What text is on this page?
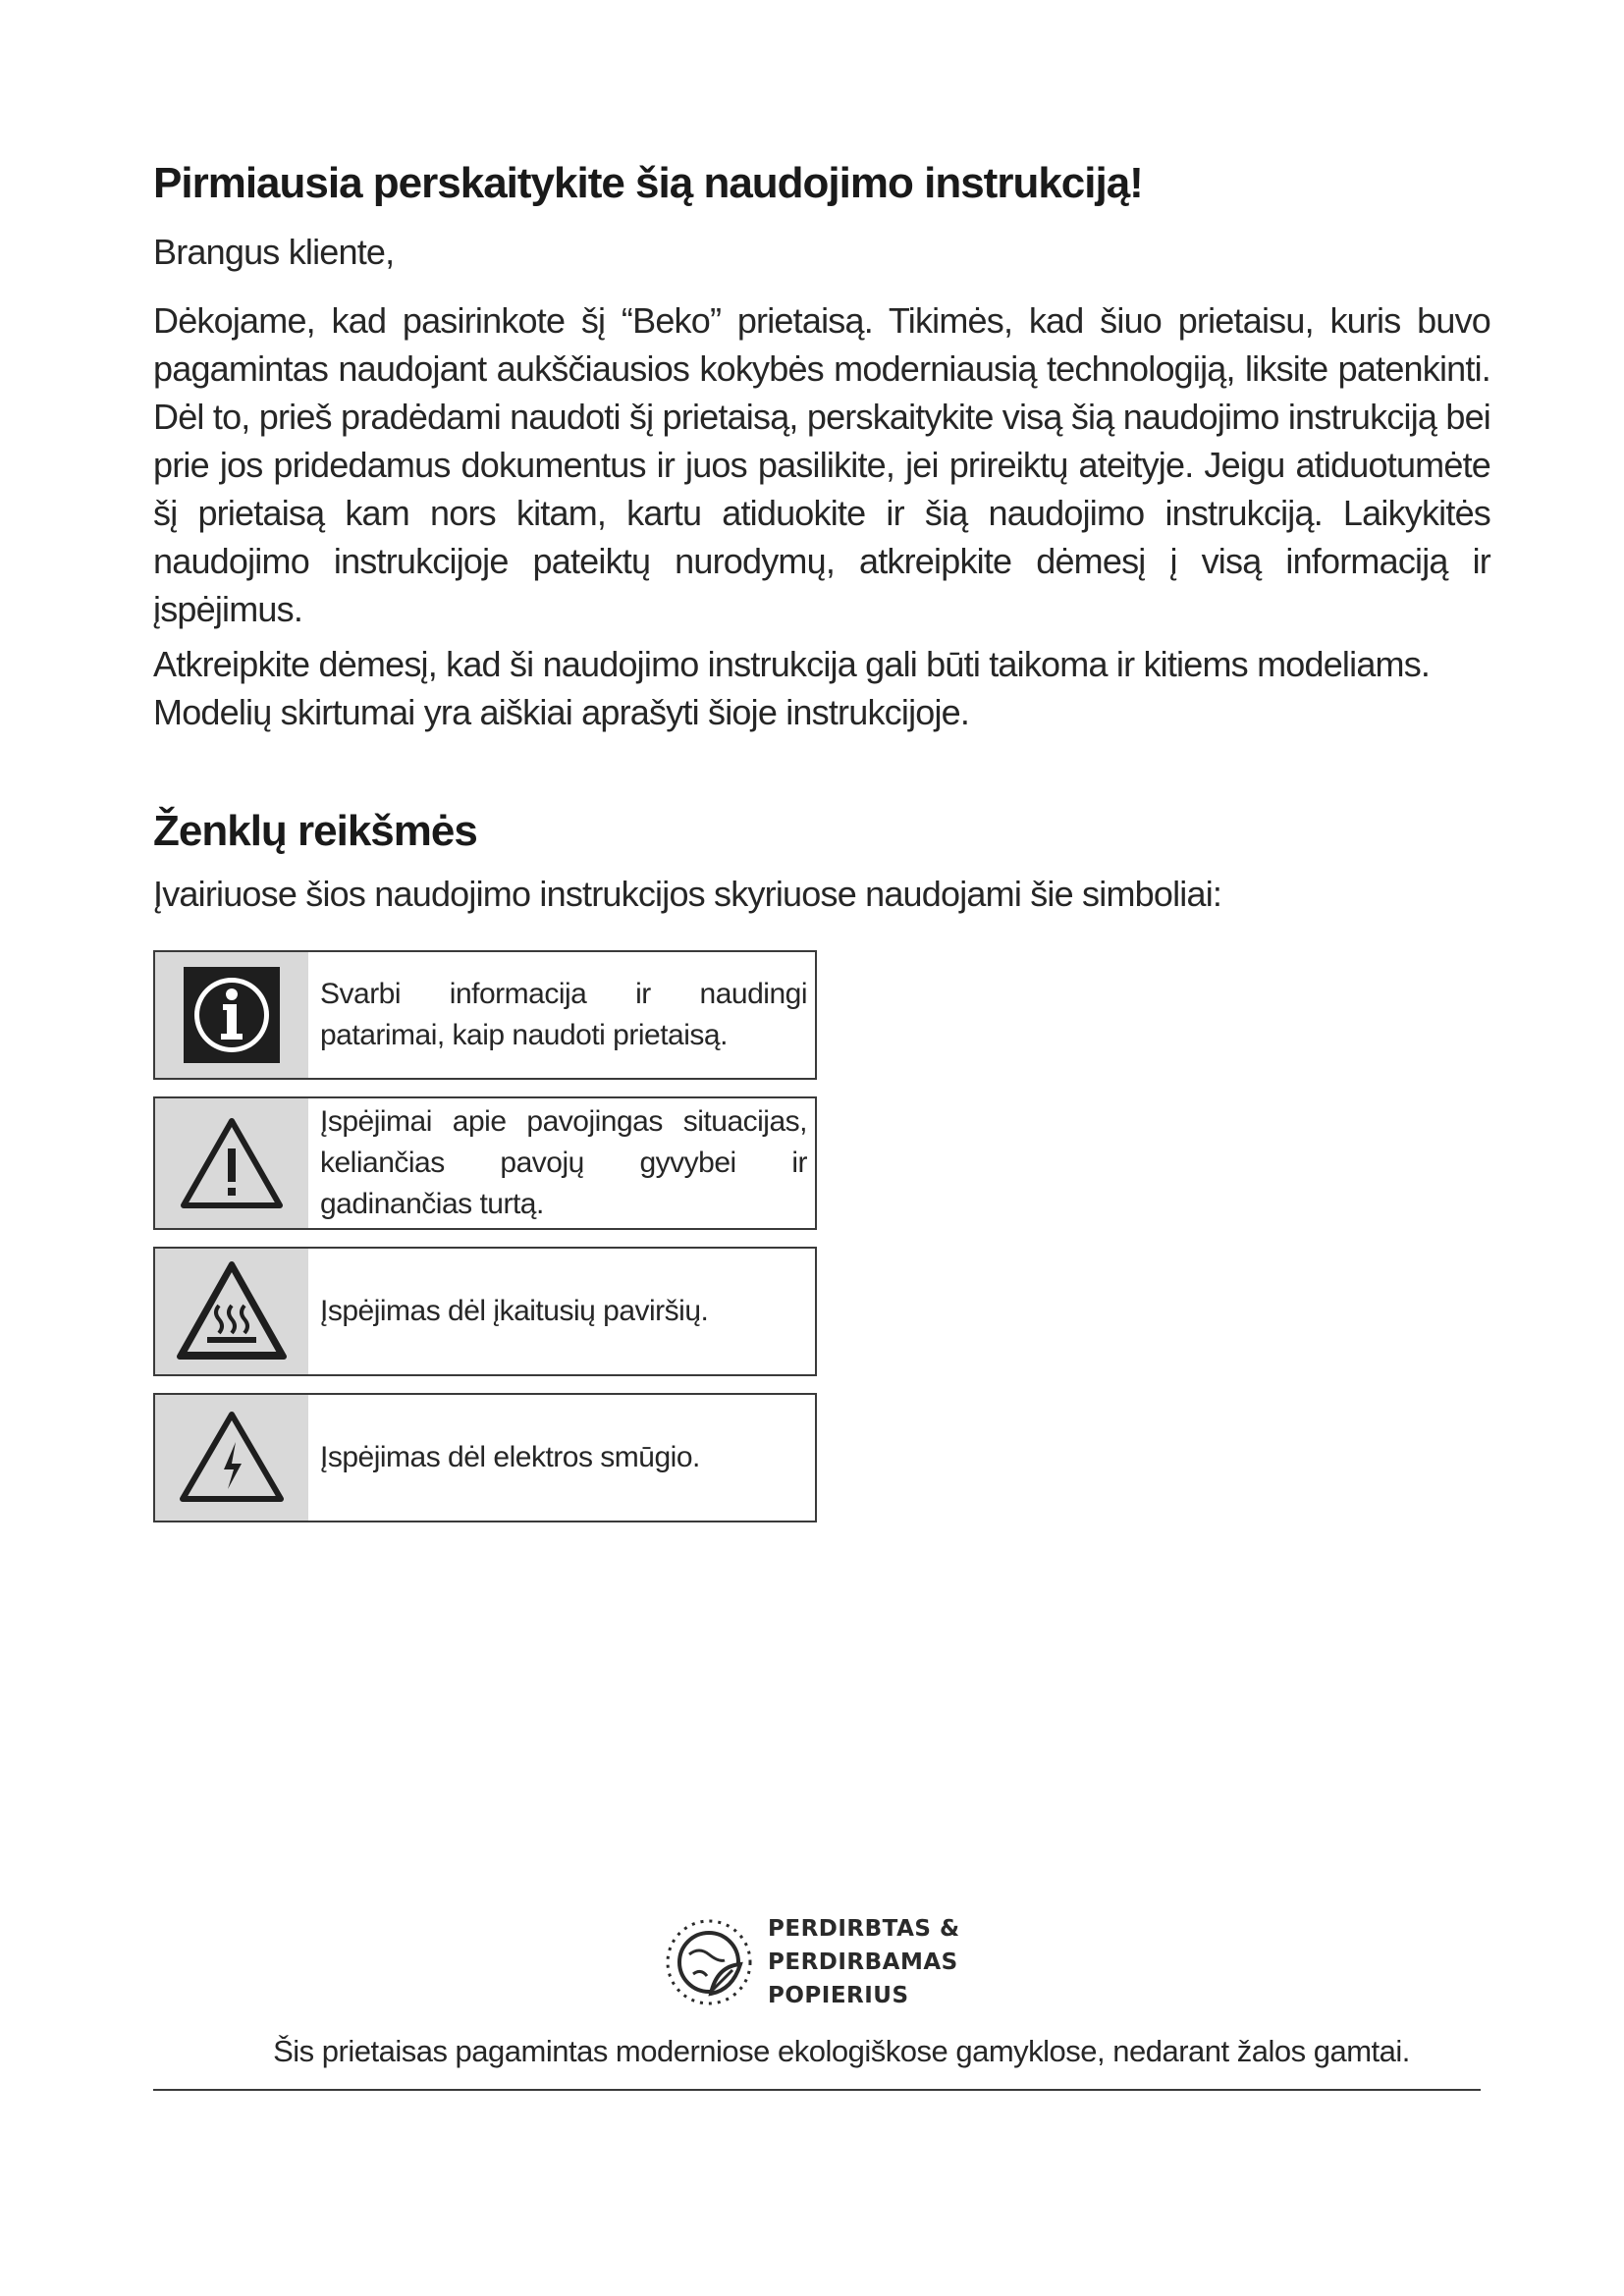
Pirmiausia perskaitykite šią naudojimo instrukciją!

Brangus kliente,

Dėkojame, kad pasirinkote šį “Beko” prietaisą. Tikimės, kad šiuo prietaisu, kuris buvo pagamintas naudojant aukščiausios kokybės moderniausią technologiją, liksite patenkinti. Dėl to, prieš pradėdami naudoti šį prietaisą, perskaitykite visą šią naudojimo instrukciją bei prie jos pridedamus dokumentus ir juos pasilikite, jei prireiktų ateityje. Jeigu atiduotumėte šį prietaisą kam nors kitam, kartu atiduokite ir šią naudojimo instrukciją. Laikykitės naudojimo instrukcijoje pateiktų nurodymų, atkreipkite dėmesį į visą informaciją ir įspėjimus.

Atkreipkite dėmesį, kad ši naudojimo instrukcija gali būti taikoma ir kitiems modeliams. Modelių skirtumai yra aiškiai aprašyti šioje instrukcijoje.

Ženklų reikšmės

Įvairiuose šios naudojimo instrukcijos skyriuose naudojami šie simboliai:

Svarbi informacija ir naudingi patarimai, kaip naudoti prietaisą.
Įspėjimai apie pavojingas situacijas, keliančias pavojų gyvybei ir gadinančias turtą.
Įspėjimas dėl įkaitusių paviršių.
Įspėjimas dėl elektros smūgio.
PERDIRBTAS &
PERDIRBAMAS
POPIERIUS
Šis prietaisas pagamintas moderniose ekologiškose gamyklose, nedarant žalos gamtai.
